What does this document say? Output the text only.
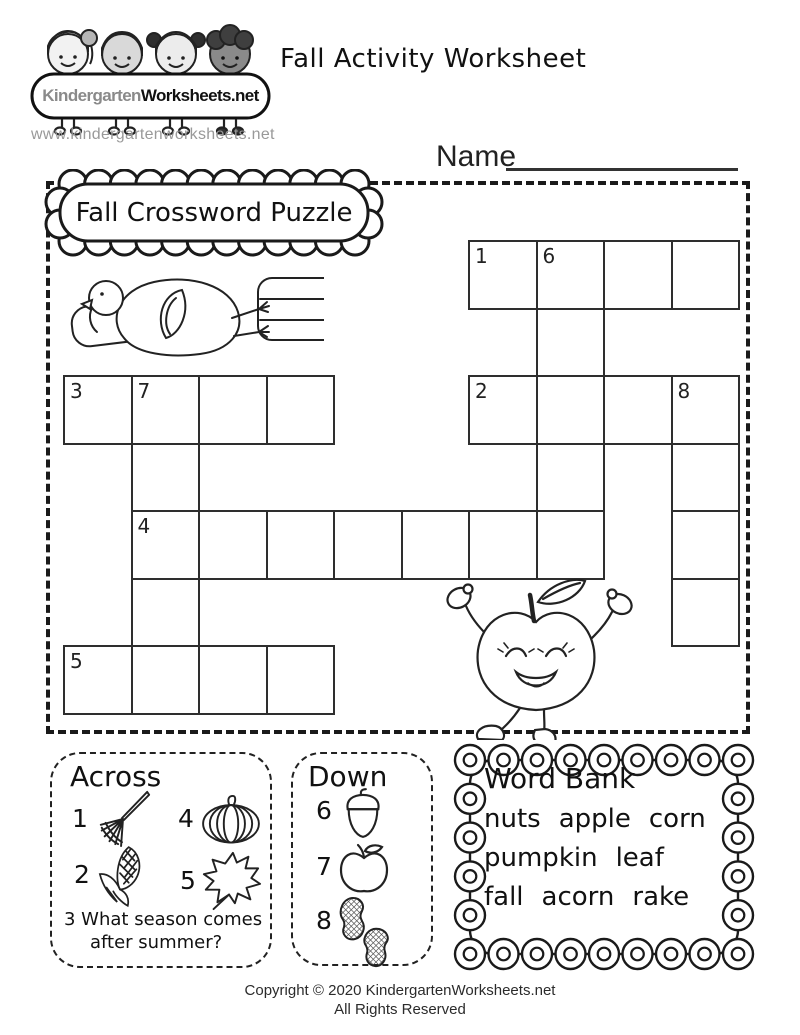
Kindergarten Worksheets.net
www.kindergartenworksheets.net
Fall Activity Worksheet
Name
Fall Crossword Puzzle
1	6
3	7	2	8
4
5
Across	Down	Word Bank
nuts apple corn
pumpkin leaf
fall acorn rake
Copyright © 2020 KindergartenWorksheets.net
All Rights Reserved
1	4
2	5
3 What season comes after summer?
6
7
8
